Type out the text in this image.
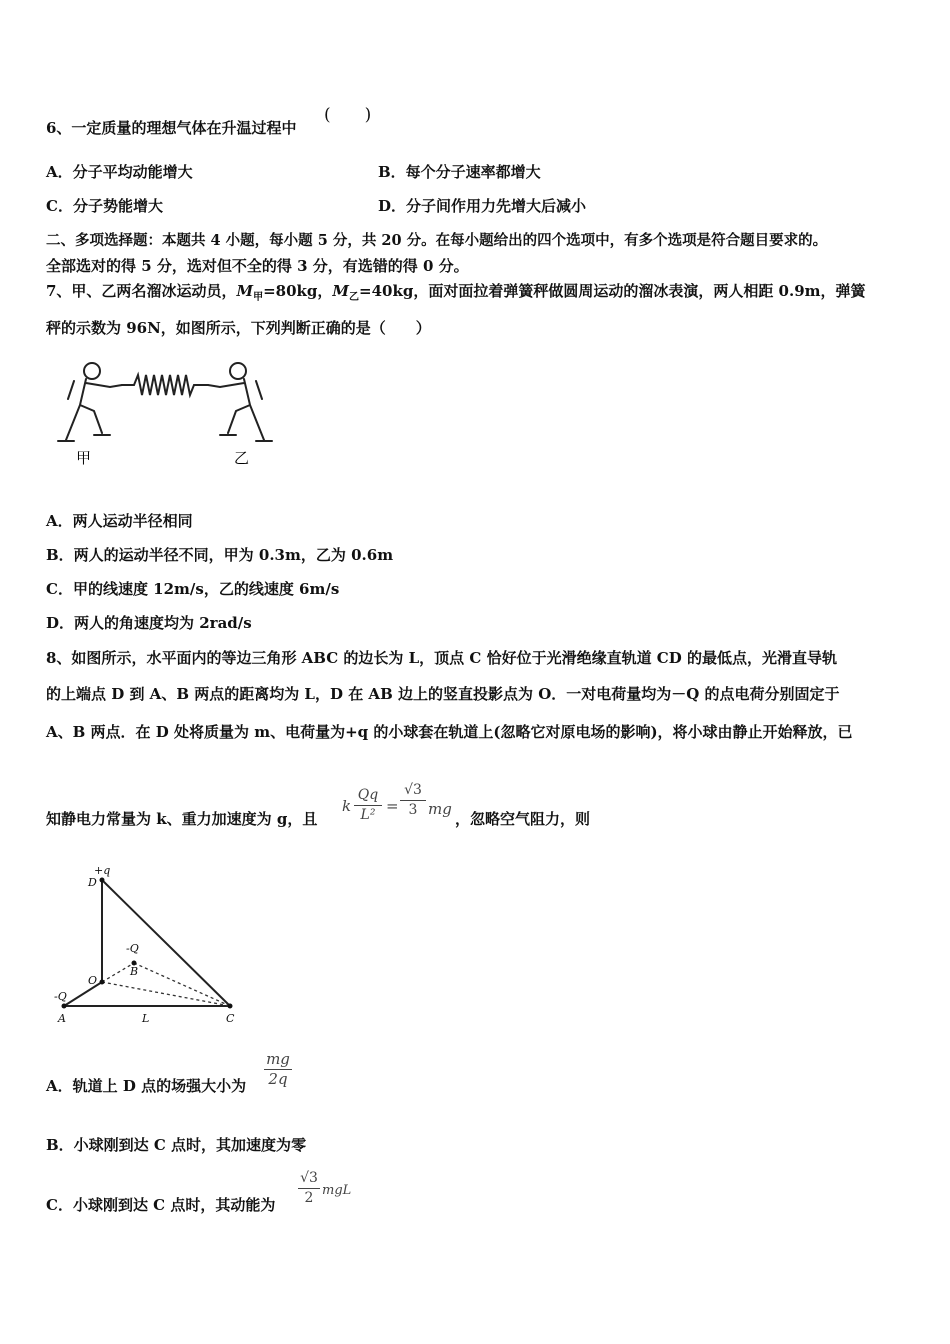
6、一定质量的理想气体在升温过程中
(　　)
A．分子平均动能增大	B．每个分子速率都增大
C．分子势能增大	D．分子间作用力先增大后减小
二、多项选择题：本题共 4 小题，每小题 5 分，共 20 分。在每小题给出的四个选项中，有多个选项是符合题目要求的。
全部选对的得 5 分，选对但不全的得 3 分，有选错的得 0 分。
7、甲、乙两名溜冰运动员，$M_甲=80kg$，$M_乙=40kg$，面对面拉着弹簧秤做圆周运动的溜冰表演，两人相距 0.9m，弹簧
秤的示数为 96N，如图所示，下列判断正确的是（　　）
甲	乙
A．两人运动半径相同
B．两人的运动半径不同，甲为 0.3m，乙为 0.6m
C．甲的线速度 12m/s，乙的线速度 6m/s
D．两人的角速度均为 2rad/s
8、如图所示，水平面内的等边三角形 ABC 的边长为 L，顶点 C 恰好位于光滑绝缘直轨道 CD 的最低点，光滑直导轨
的上端点 D 到 A、B 两点的距离均为 L，D 在 AB 边上的竖直投影点为 O．一对电荷量均为－Q 的点电荷分别固定于
A、B 两点．在 D 处将质量为 m、电荷量为+q 的小球套在轨道上(忽略它对原电场的影响)，将小球由静止开始释放，已
知静电力常量为 k、重力加速度为 g，且
k
Qq
L² =
√3
3 mg
，忽略空气阻力，则
+q
D
-Q
B
O
-Q
A	L	C
A．轨道上 D 点的场强大小为
mg
2q
B．小球刚到达 C 点时，其加速度为零
C．小球刚到达 C 点时，其动能为
√3
2 mgL
